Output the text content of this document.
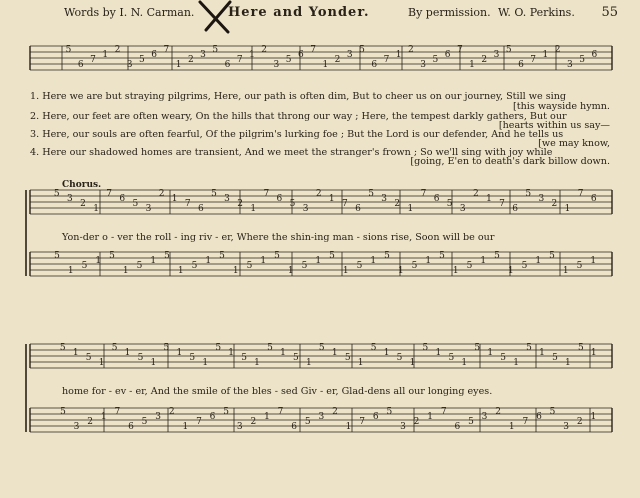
Words by I. N. Carman.	Here and Yonder.	By permission. W. O. Perkins. 55
5
6 7 1 2
3 5 6 7
1 2 3 5
6 7 1 2
3 5 6 7
1 2 3 5
6 7 1 2
3 5 6 7
1 2 3 5
6 7 1 2
3 5 6
5 3 2 1
7 6 5 3
2 1 7 6
5 3 2 1
7 6 5 3
2 1 7 6
5 3 2 1
7 6 5 3
2 1 7 6
5 3 2 1
7 6
5
1 5 1 5
1 5 1 5
1 5 1 5
1 5 1 5
1 5 1 5
1 5 1 5
1 5 1 5
1 5 1 5
1 5 1 5
1 5 1
5 1 5 1
5 1 5 1
5 1 5 1
5 1 5 1
5 1 5 1
5 1 5 1
5 1 5 1
5 1 5 1
5 1 5 1
5 1 5 1
5 1
5
3 2 1 7
6 5 3 2
1 7 6 5
3 2 1 7
6 5 3 2
1 7 6 5
3 2 1 7
6 5 3 2
1 7 6 5
3 2 1
1. Here we are but straying pilgrims, Here, our path is often dim, But to cheer us on our journey, Still we sing
[this wayside hymn.
2. Here, our feet are often weary, On the hills that throng our way ; Here, the tempest darkly gathers, But our
[hearts within us say—
3. Here, our souls are often fearful, Of the pilgrim's lurking foe ; But the Lord is our defender, And he tells us
[we may know,
4. Here our shadowed homes are transient, And we meet the stranger's frown ; So we'll sing with joy while
[going, E'en to death's dark billow down.
Chorus.
Yon-der o - ver the roll - ing riv - er, Where the shin-ing man - sions rise, Soon will be our
home for - ev - er, And the smile of the bles - sed Giv - er, Glad-dens all our longing eyes.
